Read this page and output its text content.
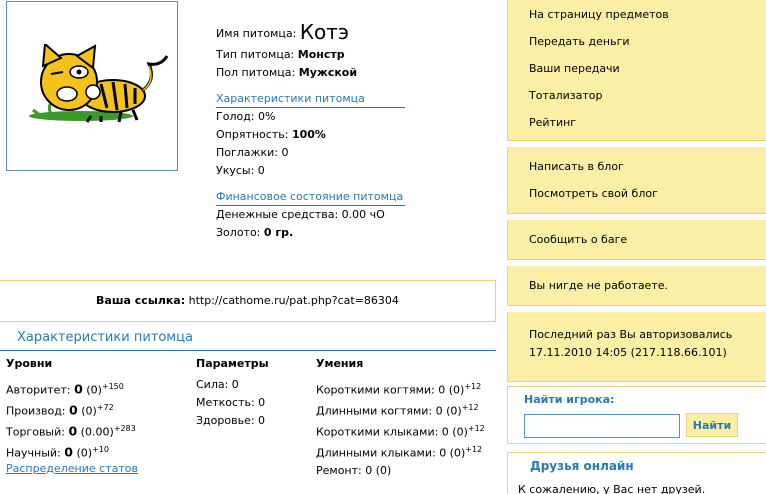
Имя питомца: Котэ
Тип питомца: Монстр
Пол питомца: Мужской
Характеристики питомца
Голод: 0%
Опрятность: 100%
Поглажки: 0
Укусы: 0
Финансовое состояние питомца
Денежные средства: 0.00 чО
Золото: 0 гр.
Ваша ссылка: http://cathome.ru/pat.php?cat=86304
Характеристики питомца
Уровни
Авторитет: 0 $(0)^{+150}$
Производ: 0 $(0)^{+72}$
Торговый: 0 $(0.00)^{+283}$
Научный: 0 $(0)^{+10}$
Распределение статов
Параметры
Сила: 0
Меткость: 0
Здоровье: 0
Умения
Короткими когтями: 0 $(0)^{+12}$
Длинными когтями: 0 $(0)^{+12}$
Короткими клыками: 0 $(0)^{+12}$
Длинными клыками: 0 $(0)^{+12}$
Ремонт: 0 (0)
На страницу предметов
Передать деньги
Ваши передачи
Тотализатор
Рейтинг
Написать в блог
Посмотреть свой блог
Сообщить о баге
Вы нигде не работаете.
Последний раз Вы авторизовались
17.11.2010 14:05 (217.118.66.101)
Найти игрока:
Найти
Друзья онлайн
К сожалению, у Вас нет друзей.
